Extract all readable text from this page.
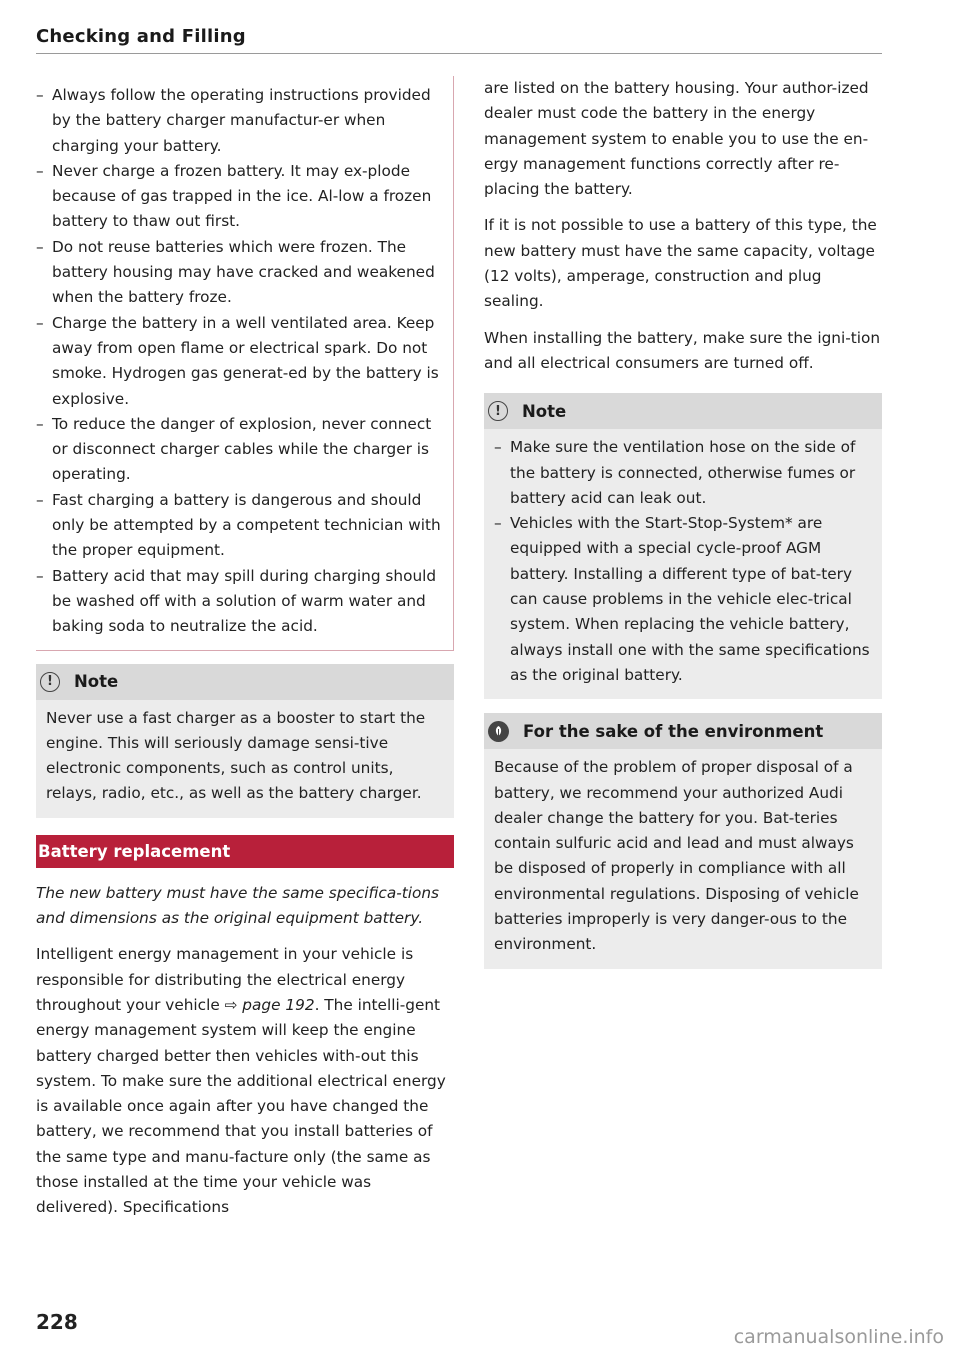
Checking and Filling
– Always follow the operating instructions provided by the battery charger manufactur-er when charging your battery.
– Never charge a frozen battery. It may ex-plode because of gas trapped in the ice. Al-low a frozen battery to thaw out first.
– Do not reuse batteries which were frozen. The battery housing may have cracked and weakened when the battery froze.
– Charge the battery in a well ventilated area. Keep away from open flame or electrical spark. Do not smoke. Hydrogen gas generat-ed by the battery is explosive.
– To reduce the danger of explosion, never connect or disconnect charger cables while the charger is operating.
– Fast charging a battery is dangerous and should only be attempted by a competent technician with the proper equipment.
– Battery acid that may spill during charging should be washed off with a solution of warm water and baking soda to neutralize the acid.
!	Note
Never use a fast charger as a booster to start the engine. This will seriously damage sensi-tive electronic components, such as control units, relays, radio, etc., as well as the battery charger.
Battery replacement

The new battery must have the same specifica-tions and dimensions as the original equipment battery.

Intelligent energy management in your vehicle is responsible for distributing the electrical energy throughout your vehicle ⇨ page 192. The intelli-gent energy management system will keep the engine battery charged better then vehicles with-out this system. To make sure the additional electrical energy is available once again after you have changed the battery, we recommend that you install batteries of the same type and manu-facture only (the same as those installed at the time your vehicle was delivered). Specifications

are listed on the battery housing. Your author-ized dealer must code the battery in the energy management system to enable you to use the en-ergy management functions correctly after re-placing the battery.

If it is not possible to use a battery of this type, the new battery must have the same capacity, voltage (12 volts), amperage, construction and plug sealing.

When installing the battery, make sure the igni-tion and all electrical consumers are turned off.

!	Note
– Make sure the ventilation hose on the side of the battery is connected, otherwise fumes or battery acid can leak out.
– Vehicles with the Start-Stop-System* are equipped with a special cycle-proof AGM battery. Installing a different type of bat-tery can cause problems in the vehicle elec-trical system. When replacing the vehicle battery, always install one with the same specifications as the original battery.
For the sake of the environment
Because of the problem of proper disposal of a battery, we recommend your authorized Audi dealer change the battery for you. Bat-teries contain sulfuric acid and lead and must always be disposed of properly in compliance with all environmental regulations. Disposing of vehicle batteries improperly is very danger-ous to the environment.
228
carmanualsonline.info
